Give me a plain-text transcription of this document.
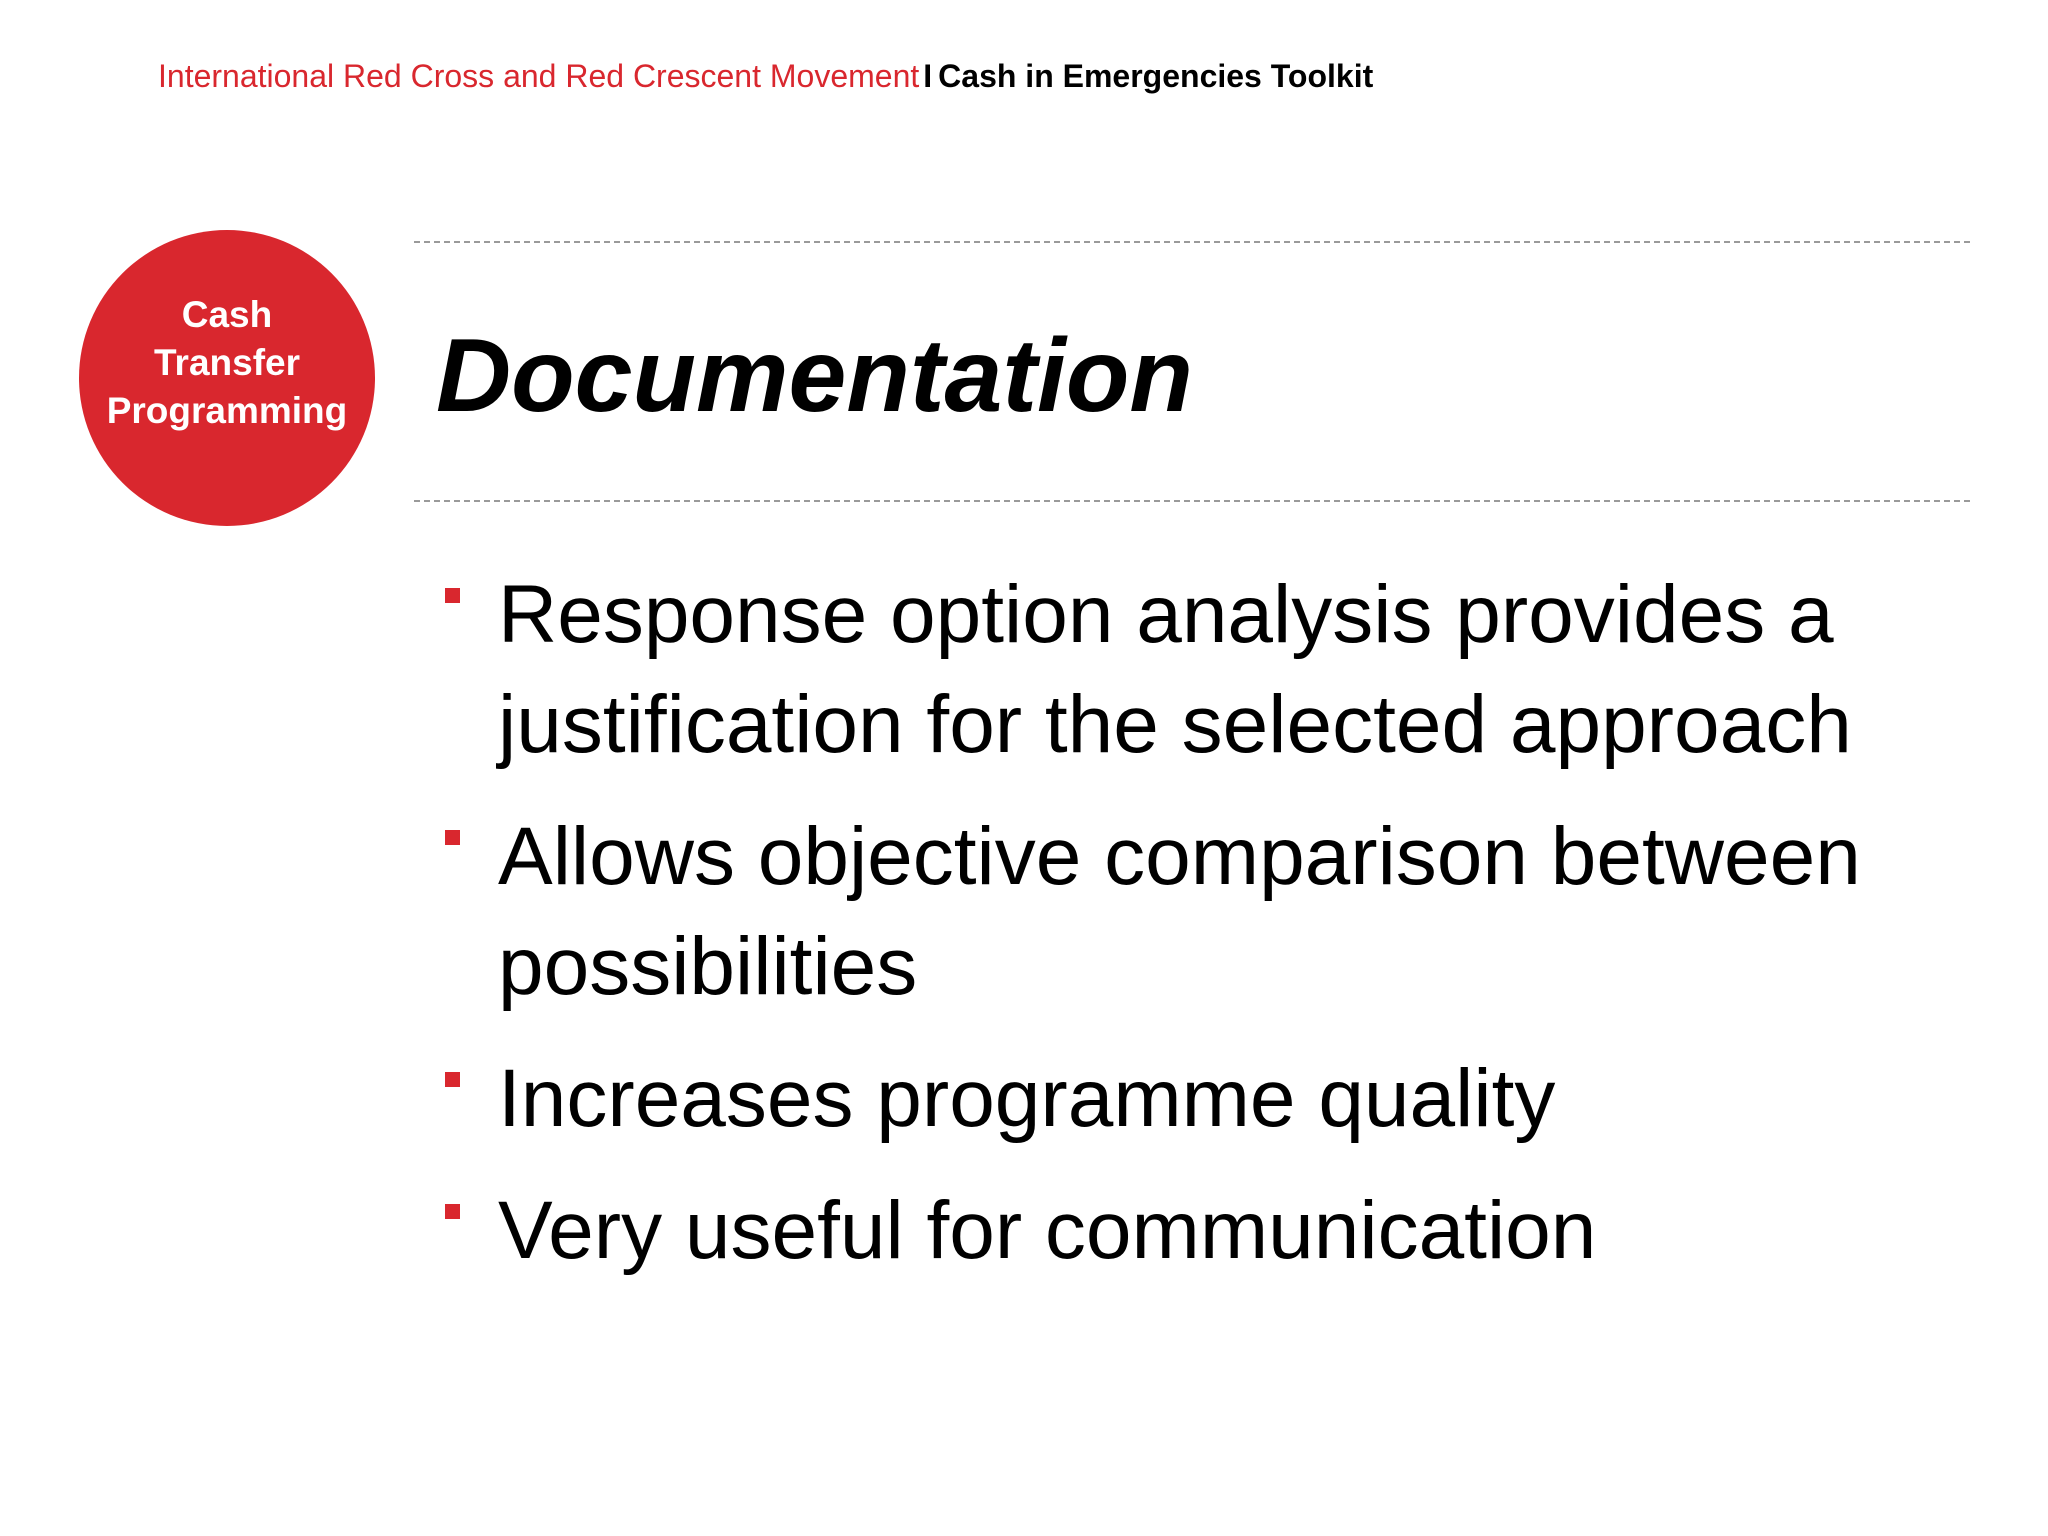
International Red Cross and Red Crescent Movement I Cash in Emergencies Toolkit
Cash
Transfer
Programming Documentation
Response option analysis provides a justification for the selected approach
Allows objective comparison between possibilities
Increases programme quality
Very useful for communication
